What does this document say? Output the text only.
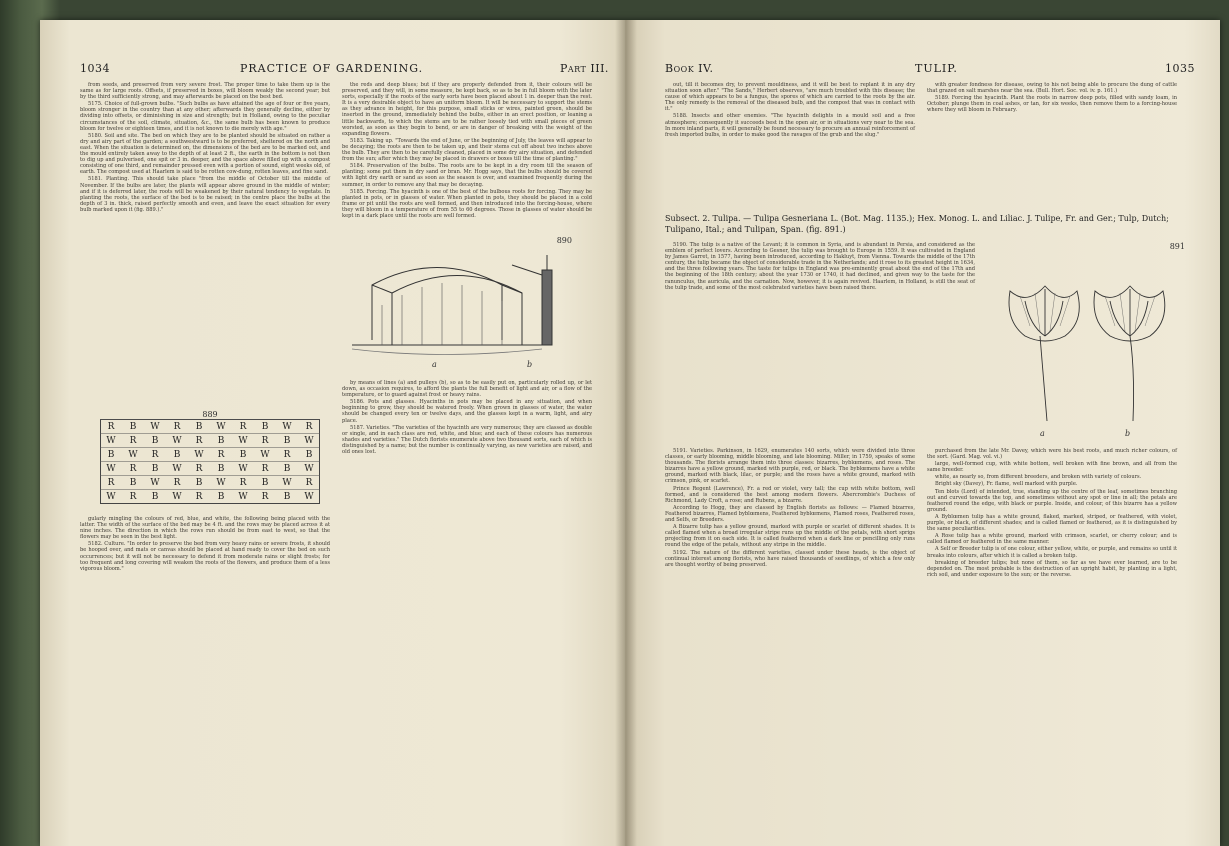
1034	PRACTICE OF GARDENING.	Part III.

from seeds, and preserved from very severe frost. The proper time to take them up is the same as for large roots. Offsets, if preserved in boxes, will bloom weakly the second year; but by the third sufficiently strong, and may afterwards be placed on the best bed.

5175. Choice of full-grown bulbs. "Such bulbs as have attained the age of four or five years, bloom stronger in the country than at any other; afterwards they generally decline, either by dividing into offsets, or diminishing in size and strength; but in Holland, owing to the peculiar circumstances of the soil, climate, situation, &c., the same bulb has been known to produce bloom for twelve or eighteen times, and it is not known to die merely with age."

5180. Soil and site. The bed on which they are to be planted should be situated on rather a dry and airy part of the garden; a southwestward is to be preferred, sheltered on the north and east. When the situation is determined on, the dimensions of the bed are to be marked out, and the mould entirely taken away to the depth of at least 2 ft., the earth in the bottom is not then to dig up and pulverised, one spit or 3 in. deeper, and the space above filled up with a compost consisting of one third, and remainder pressed even with a portion of sound, eight weeks old, of earth. The compost used at Haarlem is said to be rotten cow-dung, rotten leaves, and fine sand.

5181. Planting. This should take place "from the middle of October till the middle of November. If the bulbs are later, the plants will appear above ground in the middle of winter; and if it is deferred later, the roots will be weakened by their natural tendency to vegetate. In planting the roots, the surface of the bed is to be raised; in the centre place the bulbs at the depth of 3 in. thick, raised perfectly smooth and even, and leave the exact situation for every bulb marked upon it (fig. 889.)."

889
R B W R B W R B W R
W R B W R B W R B W
B W R B W R B W R B
W R B W R B W R B W
R B W R B W R B W R
W R B W R B W R B W

gularly mingling the colours of red, blue, and white, the following being placed with the latter. The width of the surface of the bed may be 4 ft. and the rows may be placed across it at nine inches. The direction in which the rows run should be from east to west, so that the flowers may be seen in the best light.

5182. Culture. "In order to preserve the bed from very heavy rains or severe frosts, it should be hooped over, and mats or canvas should be placed at hand ready to cover the bed on such occurrences; but it will not be necessary to defend it from moderate rains or slight frosts; for too frequent and long covering will weaken the roots of the flowers, and produce them of a less vigorous bloom."

the reds and deep blues; but if they are properly defended from it, their colours will be preserved, and they will, in some measure, be kept back, so as to be in full bloom with the later sorts, especially if the roots of the early sorts have been placed about 1 in. deeper than the rest. It is a very desirable object to have an uniform bloom. It will be necessary to support the stems as they advance in height, for this purpose, small sticks or wires, painted green, should be inserted in the ground, immediately behind the bulbs, either in an erect position, or leaning a little backwards, to which the stems are to be rather loosely tied with small pieces of green worsted, as soon as they begin to bend, or are in danger of breaking with the weight of the expanding flowers.

5183. Taking up. "Towards the end of June, or the beginning of July, the leaves will appear to be decaying; the roots are then to be taken up, and their stems cut off about two inches above the bulb. They are then to be carefully cleaned, placed in some dry airy situation, and defended from the sun; after which they may be placed in drawers or boxes till the time of planting."

5184. Preservation of the bulbs. The roots are to be kept in a dry room till the season of planting; some put them in dry sand or bran. Mr. Hogg says, that the bulbs should be covered with light dry earth or sand as soon as the season is over, and examined frequently during the summer, in order to remove any that may be decaying.

5185. Forcing. The hyacinth is one of the best of the bulbous roots for forcing. They may be planted in pots, or in glasses of water. When planted in pots, they should be placed in a cold frame or pit until the roots are well formed, and then introduced into the forcing-house, where they will bloom in a temperature of from 55 to 60 degrees. Those in glasses of water should be kept in a dark place until the roots are well formed.

890
a	b

by means of lines (a) and pulleys (b), so as to be easily put on, particularly rolled up, or let down, as occasion requires, to afford the plants the full benefit of light and air, or a flow of the temperature, or to guard against frost or heavy rains.

5186. Pots and glasses. Hyacinths in pots may be placed in any situation, and when beginning to grow, they should be watered freely. When grown in glasses of water, the water should be changed every ten or twelve days, and the glasses kept in a warm, light, and airy place.

5187. Varieties. "The varieties of the hyacinth are very numerous; they are classed as double or single, and in each class are red, white, and blue; and each of these colours has numerous shades and varieties." The Dutch florists enumerate above two thousand sorts, each of which is distinguished by a name; but the number is continually varying, as new varieties are raised, and old ones lost.

Book IV.	TULIP.	1035

out, till it becomes dry, to prevent mouldiness, and it will be best to replant it in any dry situation soon after." "The Sands," Herbert observes, "are much troubled with this disease; the cause of which appears to be a fungus, the spores of which are carried to the roots by the air. The only remedy is the removal of the diseased bulb, and the compost that was in contact with it."

5188. Insects and other enemies. "The hyacinth delights in a mould soil and a free atmosphere; consequently it succeeds best in the open air, or in situations very near to the sea. In more inland parts, it will generally be found necessary to procure an annual reinforcement of fresh imported bulbs, in order to make good the ravages of the grub and the slug."

with greater fondness for disease, owing to his not being able to procure the dung of cattle that grazed on salt marshes near the sea. (Bull. Hort. Soc. vol. iv. p. 161.)

5189. Forcing the hyacinth. Plant the roots in narrow deep pots, filled with sandy loam, in October; plunge them in coal ashes, or tan, for six weeks, then remove them to a forcing-house where they will bloom in February.

Subsect. 2. Tulipa. — Tulipa Gesneriana L. (Bot. Mag. 1135.); Hex. Monog. L. and Liliac. J. Tulipe, Fr. and Ger.; Tulp, Dutch; Tulipano, Ital.; and Tulipan, Span. (fig. 891.)

5190. The tulip is a native of the Levant; it is common in Syria, and is abundant in Persia, and considered as the emblem of perfect lovers. According to Gesner, the tulip was brought to Europe in 1559. It was cultivated in England by James Garret, in 1577, having been introduced, according to Hakluyt, from Vienna. Towards the middle of the 17th century, the tulip became the object of considerable trade in the Netherlands; and it rose to its greatest height in 1634, and the three following years. The taste for tulips in England was pre-eminently great about the end of the 17th and the beginning of the 18th century; about the year 1730 or 1740, it had declined, and given way to the taste for the ranunculus, the auricula, and the carnation. Now, however, it is again revived. Haarlem, in Holland, is still the seat of the tulip trade, and some of the most celebrated varieties have been raised there.

891
a	b

5191. Varieties. Parkinson, in 1629, enumerates 140 sorts, which were divided into three classes, or early blooming, middle blooming, and late blooming. Miller, in 1759, speaks of some thousands. The florists arrange them into three classes: bizarres, byblœmens, and roses. The bizarres have a yellow ground, marked with purple, red, or black. The byblœmens have a white ground, marked with black, lilac, or purple; and the roses have a white ground, marked with crimson, pink, or scarlet.

Prince Regent (Lawrence), Fr. a red or violet, very tall; the cup with white bottom, well formed, and is considered the best among modern flowers. Abercrombie's Duchess of Richmond, Lady Croft, a rose; and Rubens, a bizarre.

According to Hogg, they are classed by English florists as follows: — Flamed bizarres, Feathered bizarres, Flamed byblœmens, Feathered byblœmens, Flamed roses, Feathered roses, and Selfs, or Breeders.

A Bizarre tulip has a yellow ground, marked with purple or scarlet of different shades. It is called flamed when a broad irregular stripe runs up the middle of the petals, with short sprigs projecting from it on each side. It is called feathered when a dark line or pencilling only runs round the edge of the petals, without any stripe in the middle.

5192. The nature of the different varieties, classed under these heads, is the object of continual interest among florists, who have raised thousands of seedlings, of which a few only are thought worthy of being preserved.

purchased from the late Mr. Davey, which were his best roots, and much richer colours, of the sort. (Gard. Mag. vol. vi.)

large, well-formed cup, with white bottom, well broken with fine brown, and all from the same breeder.

white, as nearly so, from different breeders, and broken with variety of colours.

Bright sky (Davey), Fr. flame, well marked with purple.

Ten blots (Lord) of intended, true, standing up the centre of the leaf, sometimes branching out and curved towards the top, and sometimes without any spot or line in all; the petals are feathered round the edge, with black or purple. Inside, and colour, of this bizarre has a yellow ground.

A Byblœmen tulip has a white ground, flaked, marked, striped, or feathered, with violet, purple, or black, of different shades; and is called flamed or feathered, as it is distinguished by the same peculiarities.

A Rose tulip has a white ground, marked with crimson, scarlet, or cherry colour; and is called flamed or feathered in the same manner.

A Self or Breeder tulip is of one colour, either yellow, white, or purple, and remains so until it breaks into colours, after which it is called a broken tulip.

breaking of breeder tulips; but none of them, so far as we have ever learned, are to be depended on. The most probable is the destruction of an upright habit, by planting in a light, rich soil, and under exposure to the sun; or the reverse.
